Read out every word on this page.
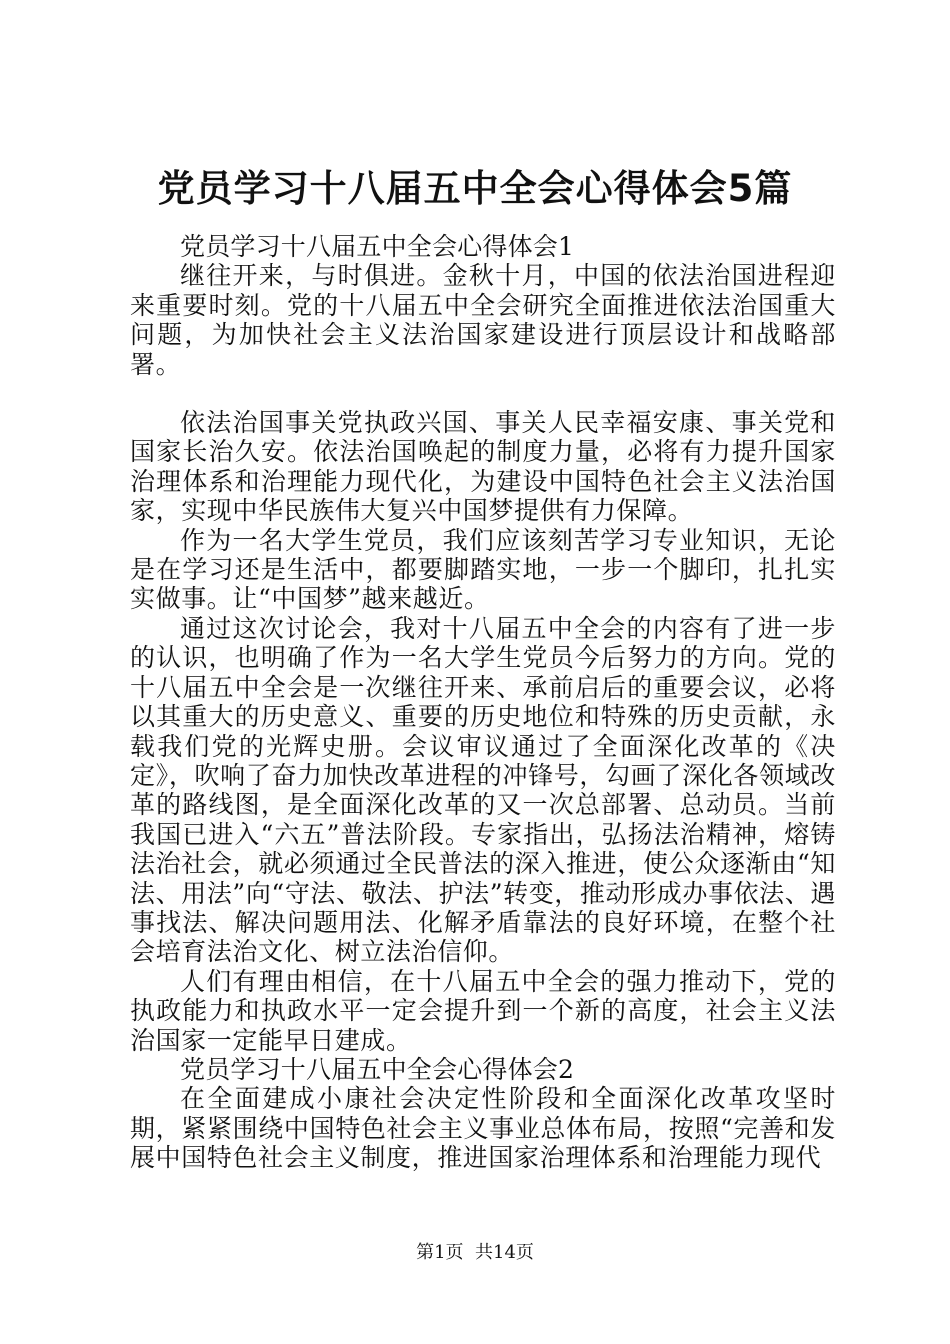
党员学习十八届五中全会心得体会5篇

党员学习十八届五中全会心得体会1

继往开来，与时俱进。金秋十月，中国的依法治国进程迎来重要时刻。党的十八届五中全会研究全面推进依法治国重大问题，为加快社会主义法治国家建设进行顶层设计和战略部署。

依法治国事关党执政兴国、事关人民幸福安康、事关党和国家长治久安。依法治国唤起的制度力量，必将有力提升国家治理体系和治理能力现代化，为建设中国特色社会主义法治国家，实现中华民族伟大复兴中国梦提供有力保障。

作为一名大学生党员，我们应该刻苦学习专业知识，无论是在学习还是生活中，都要脚踏实地，一步一个脚印，扎扎实实做事。让“中国梦”越来越近。

通过这次讨论会，我对十八届五中全会的内容有了进一步的认识，也明确了作为一名大学生党员今后努力的方向。党的十八届五中全会是一次继往开来、承前启后的重要会议，必将以其重大的历史意义、重要的历史地位和特殊的历史贡献，永载我们党的光辉史册。会议审议通过了全面深化改革的《决定》，吹响了奋力加快改革进程的冲锋号，勾画了深化各领域改革的路线图，是全面深化改革的又一次总部署、总动员。当前我国已进入“六五”普法阶段。专家指出，弘扬法治精神，熔铸法治社会，就必须通过全民普法的深入推进，使公众逐渐由“知法、用法”向“守法、敬法、护法”转变，推动形成办事依法、遇事找法、解决问题用法、化解矛盾靠法的良好环境，在整个社会培育法治文化、树立法治信仰。

人们有理由相信，在十八届五中全会的强力推动下，党的执政能力和执政水平一定会提升到一个新的高度，社会主义法治国家一定能早日建成。

党员学习十八届五中全会心得体会2

在全面建成小康社会决定性阶段和全面深化改革攻坚时期，紧紧围绕中国特色社会主义事业总体布局，按照“完善和发展中国特色社会主义制度，推进国家治理体系和治理能力现代

第1页  共14页
